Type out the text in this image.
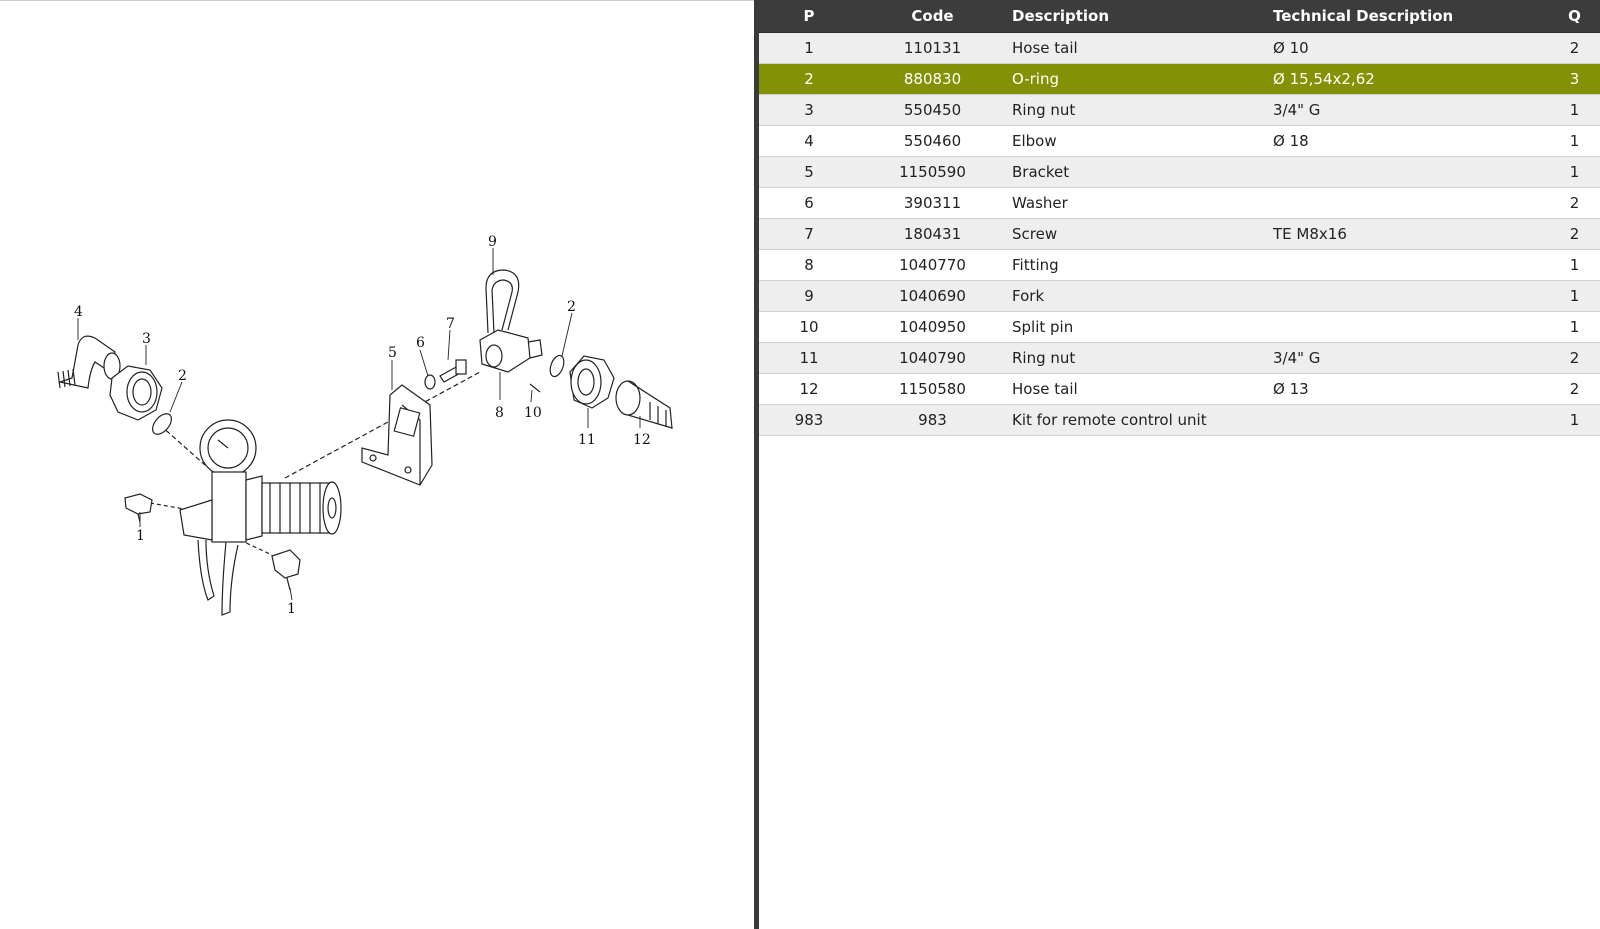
4
3
2
1
1
5
6
7
8
9
10
2
11	12
P	Code	Description	Technical Description	Q
1	110131	Hose tail	Ø 10	2
2	880830	O-ring	Ø 15,54x2,62	3
3	550450	Ring nut	3/4" G	1
4	550460	Elbow	Ø 18	1
5	1150590	Bracket		1
6	390311	Washer		2
7	180431	Screw	TE M8x16	2
8	1040770	Fitting		1
9	1040690	Fork		1
10	1040950	Split pin		1
11	1040790	Ring nut	3/4" G	2
12	1150580	Hose tail	Ø 13	2
983	983	Kit for remote control unit		1
